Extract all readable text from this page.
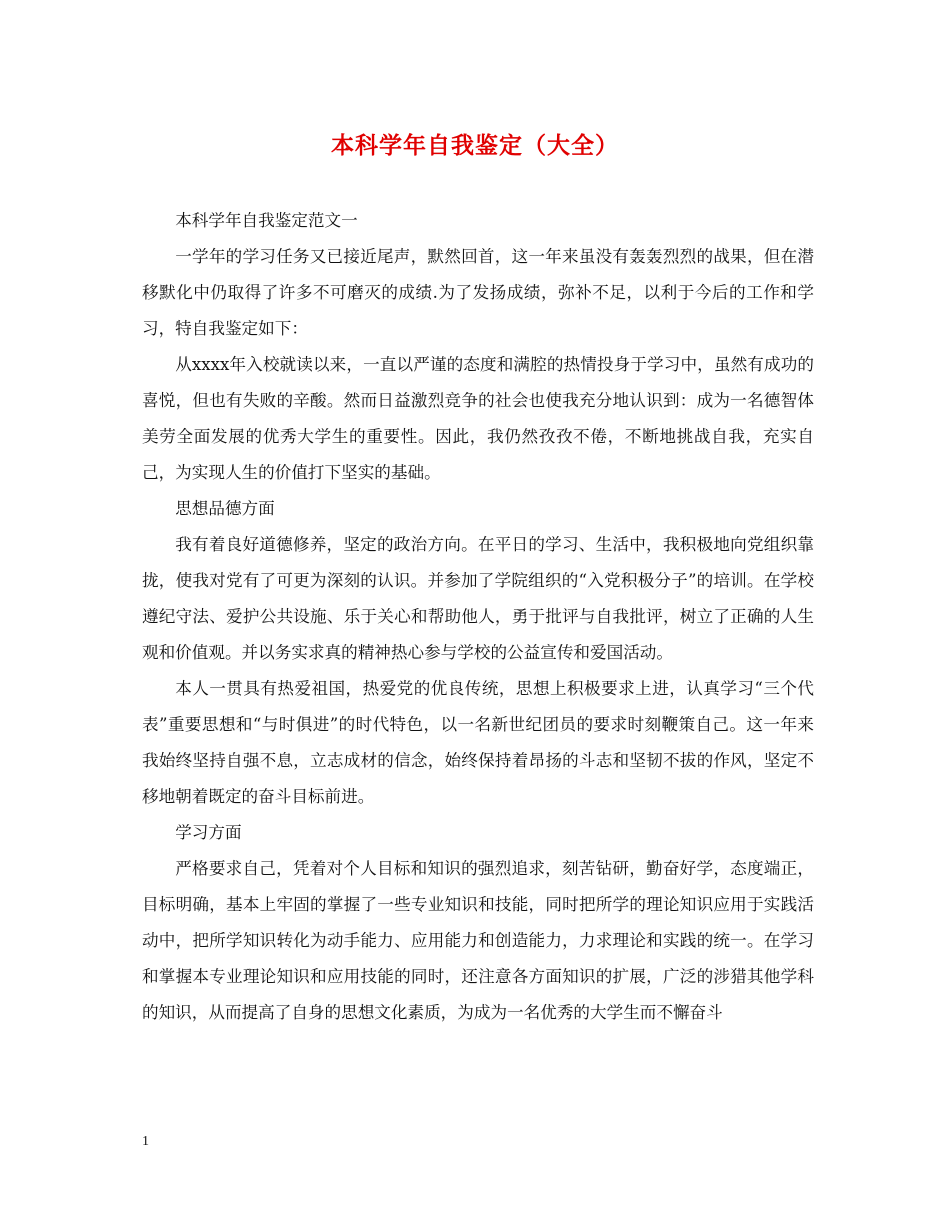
本科学年自我鉴定（大全）

本科学年自我鉴定范文一

一学年的学习任务又已接近尾声，默然回首，这一年来虽没有轰轰烈烈的战果，但在潜移默化中仍取得了许多不可磨灭的成绩.为了发扬成绩，弥补不足，以利于今后的工作和学习，特自我鉴定如下：

从xxxx年入校就读以来，一直以严谨的态度和满腔的热情投身于学习中，虽然有成功的喜悦，但也有失败的辛酸。然而日益激烈竞争的社会也使我充分地认识到：成为一名德智体美劳全面发展的优秀大学生的重要性。因此，我仍然孜孜不倦，不断地挑战自我，充实自己，为实现人生的价值打下坚实的基础。

思想品德方面

我有着良好道德修养，坚定的政治方向。在平日的学习、生活中，我积极地向党组织靠拢，使我对党有了可更为深刻的认识。并参加了学院组织的“入党积极分子”的培训。在学校遵纪守法、爱护公共设施、乐于关心和帮助他人，勇于批评与自我批评，树立了正确的人生观和价值观。并以务实求真的精神热心参与学校的公益宣传和爱国活动。

本人一贯具有热爱祖国，热爱党的优良传统，思想上积极要求上进，认真学习“三个代表”重要思想和“与时俱进”的时代特色，以一名新世纪团员的要求时刻鞭策自己。这一年来我始终坚持自强不息，立志成材的信念，始终保持着昂扬的斗志和坚韧不拔的作风，坚定不移地朝着既定的奋斗目标前进。

学习方面

严格要求自己，凭着对个人目标和知识的强烈追求，刻苦钻研，勤奋好学，态度端正，目标明确，基本上牢固的掌握了一些专业知识和技能，同时把所学的理论知识应用于实践活动中，把所学知识转化为动手能力、应用能力和创造能力，力求理论和实践的统一。在学习和掌握本专业理论知识和应用技能的同时，还注意各方面知识的扩展，广泛的涉猎其他学科的知识，从而提高了自身的思想文化素质，为成为一名优秀的大学生而不懈奋斗

1
